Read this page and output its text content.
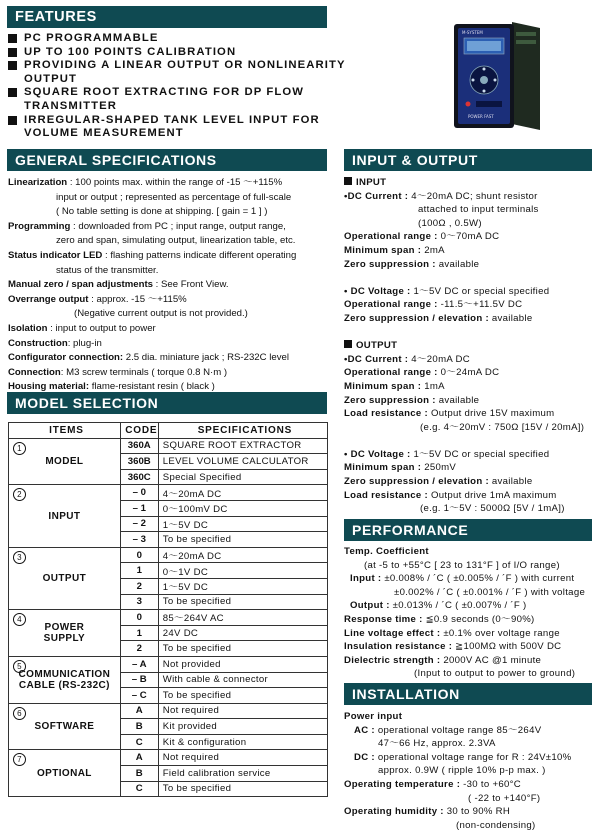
FEATURES
PC PROGRAMMABLE
UP TO 100 POINTS CALIBRATION
PROVIDING A LINEAR OUTPUT OR NONLINEARITY
OUTPUT
SQUARE ROOT EXTRACTING FOR DP FLOW
TRANSMITTER
IRREGULAR-SHAPED TANK LEVEL INPUT FOR
VOLUME MEASUREMENT
M-SYSTEM
POWER FAST
GENERAL SPECIFICATIONS
Linearization : 100 points max. within the range of -15 ～+115%
input or output ; represented as percentage of full-scale
( No table setting is done at shipping. [ gain = 1 ] )
Programming : downloaded from PC ; input range, output range,
zero and span, simulating output, linearization table, etc.
Status indicator LED : flashing patterns indicate different operating
status of the transmitter.
Manual zero / span adjustments : See Front View.
Overrange output : approx. -15 ～+115%
(Negative current output is not provided.)
Isolation : input to output to power
Construction: plug-in
Configurator connection: 2.5 dia. miniature jack ; RS-232C level
Connection: M3 screw terminals ( torque 0.8 N·m )
Housing material: flame-resistant resin ( black )
MODEL SELECTION
ITEMS	CODE	SPECIFICATIONS

1
MODEL	360A	SQUARE ROOT EXTRACTOR
	360B	LEVEL VOLUME CALCULATOR
	360C	Special Specified

2
INPUT	– 0	4～20mA DC
	– 1	0～100mV DC
	– 2	1～5V DC
	– 3	To be specified

3
OUTPUT	0	4～20mA DC
	1	0～1V DC
	2	1～5V DC
	3	To be specified

4
POWER
SUPPLY	0	85～264V AC
	1	24V DC
	2	To be specified

5
COMMUNICATION
CABLE (RS-232C)	– A	Not provided
	– B	With cable & connector
	– C	To be specified

6
SOFTWARE	A	Not required
	B	Kit provided
	C	Kit & configuration

7
OPTIONAL	A	Not required
	B	Field calibration service
	C	To be specified
INPUT & OUTPUT
INPUT
•DC Current : 4～20mA DC; shunt resistor
attached to input terminals
(100Ω , 0.5W)
Operational range : 0～70mA DC
Minimum span : 2mA
Zero suppression : available
• DC Voltage : 1～5V DC or special specified
Operational range : -11.5～+11.5V DC
Zero suppression / elevation : available
OUTPUT
•DC Current : 4～20mA DC
Operational range : 0～24mA DC
Minimum span : 1mA
Zero suppression : available
Load resistance : Output drive 15V maximum
(e.g. 4～20mV : 750Ω [15V / 20mA])
• DC Voltage : 1～5V DC or special specified
Minimum span : 250mV
Zero suppression / elevation : available
Load resistance : Output drive 1mA maximum
(e.g. 1～5V : 5000Ω [5V / 1mA])
PERFORMANCE
Temp. Coefficient
(at -5 to +55°C [ 23 to 131°F ] of I/O range)
Input : ±0.008% / ´C ( ±0.005% / ´F ) with current
±0.002% / ´C ( ±0.001% / ´F ) with voltage
Output : ±0.013% / ´C ( ±0.007% / ´F )
Response time : ≦0.9 seconds (0～90%)
Line voltage effect : ±0.1% over voltage range
Insulation resistance : ≧100MΩ with 500V DC
Dielectric strength : 2000V AC @1 minute
(Input to output to power to ground)
INSTALLATION
Power input
AC : operational voltage range 85～264V
47～66 Hz, approx. 2.3VA
DC : operational voltage range for R : 24V±10%
approx. 0.9W ( ripple 10% p-p max. )
Operating temperature : -30 to +60°C
( -22 to +140°F)
Operating humidity : 30 to 90% RH
(non-condensing)
